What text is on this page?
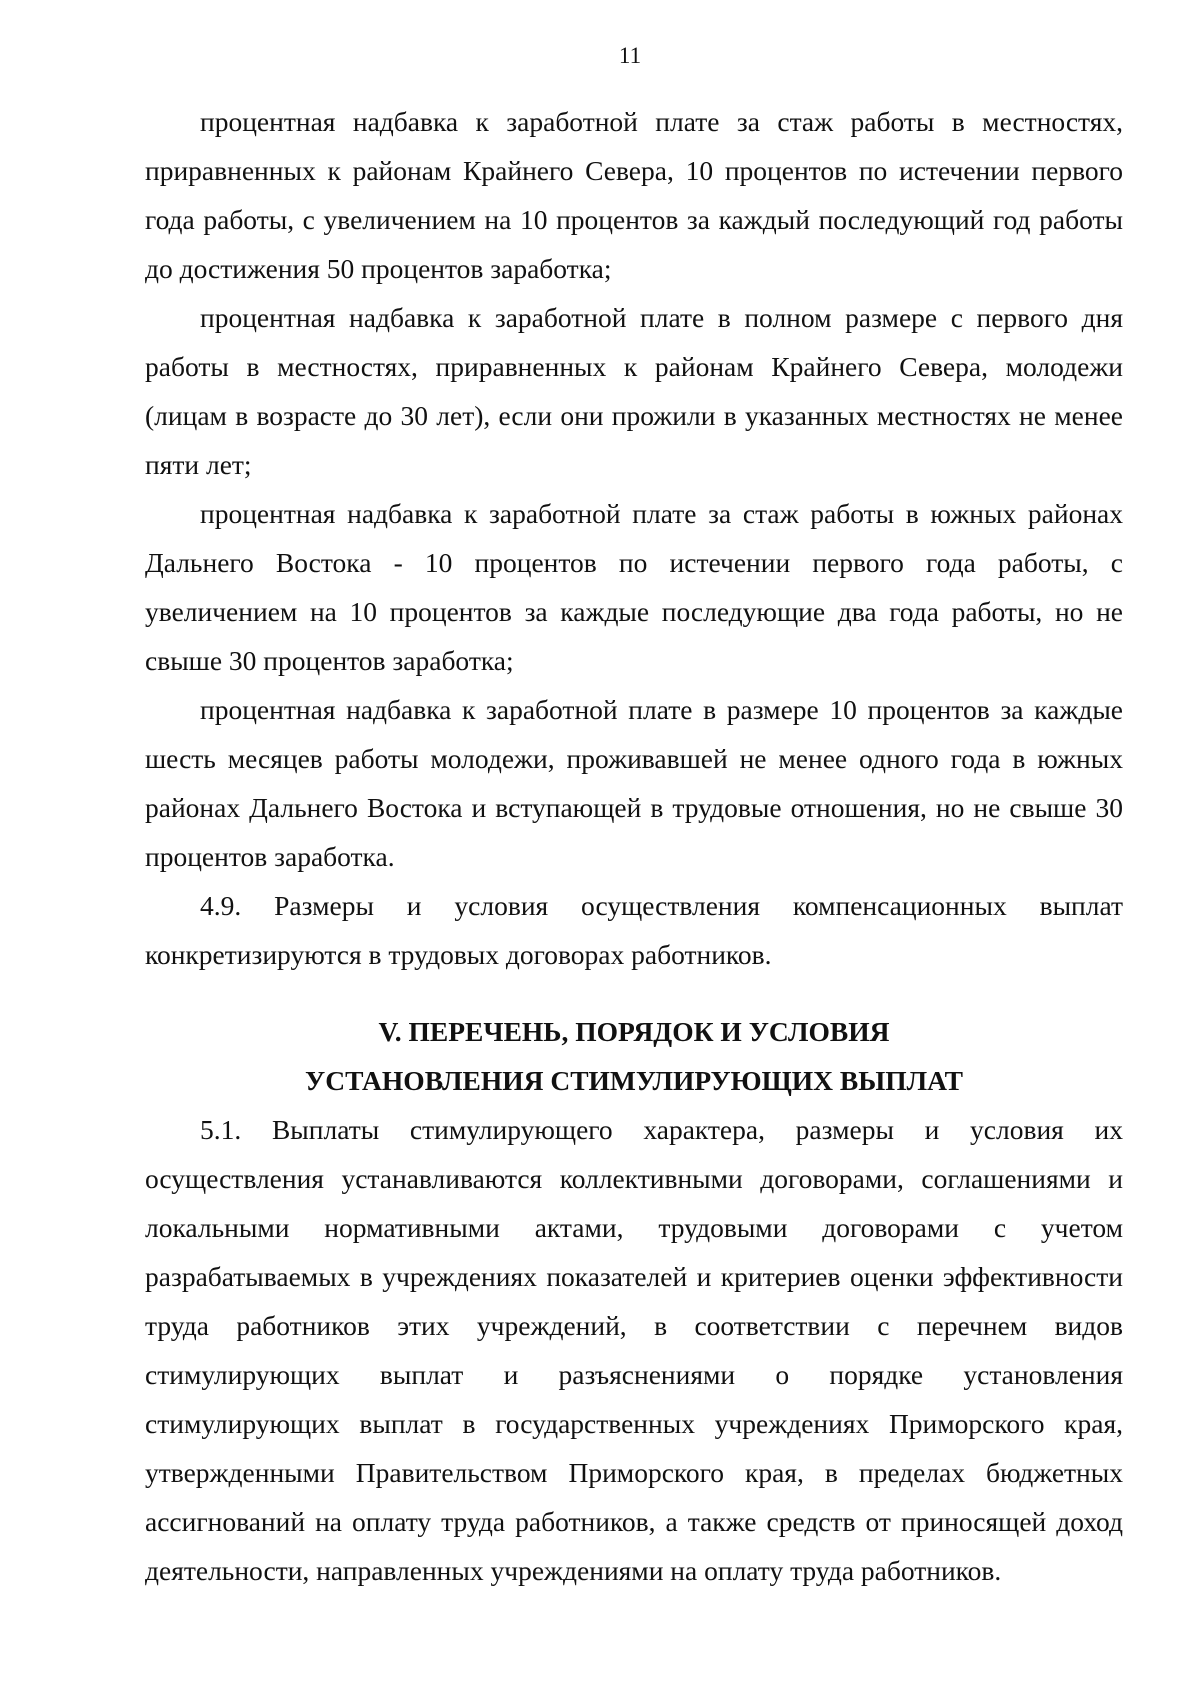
11

процентная надбавка к заработной плате за стаж работы в местностях, приравненных к районам Крайнего Севера, 10 процентов по истечении первого года работы, с увеличением на 10 процентов за каждый последующий год работы до достижения 50 процентов заработка;

процентная надбавка к заработной плате в полном размере с первого дня работы в местностях, приравненных к районам Крайнего Севера, молодежи (лицам в возрасте до 30 лет), если они прожили в указанных местностях не менее пяти лет;

процентная надбавка к заработной плате за стаж работы в южных районах Дальнего Востока - 10 процентов по истечении первого года работы, с увеличением на 10 процентов за каждые последующие два года работы, но не свыше 30 процентов заработка;

процентная надбавка к заработной плате в размере 10 процентов за каждые шесть месяцев работы молодежи, проживавшей не менее одного года в южных районах Дальнего Востока и вступающей в трудовые отношения, но не свыше 30 процентов заработка.

4.9. Размеры и условия осуществления компенсационных выплат конкретизируются в трудовых договорах работников.

V. ПЕРЕЧЕНЬ, ПОРЯДОК И УСЛОВИЯ

УСТАНОВЛЕНИЯ СТИМУЛИРУЮЩИХ ВЫПЛАТ

5.1. Выплаты стимулирующего характера, размеры и условия их осуществления устанавливаются коллективными договорами, соглашениями и локальными нормативными актами, трудовыми договорами с учетом разрабатываемых в учреждениях показателей и критериев оценки эффективности труда работников этих учреждений, в соответствии с перечнем видов стимулирующих выплат и разъяснениями о порядке установления стимулирующих выплат в государственных учреждениях Приморского края, утвержденными Правительством Приморского края, в пределах бюджетных ассигнований на оплату труда работников, а также средств от приносящей доход деятельности, направленных учреждениями на оплату труда работников.
